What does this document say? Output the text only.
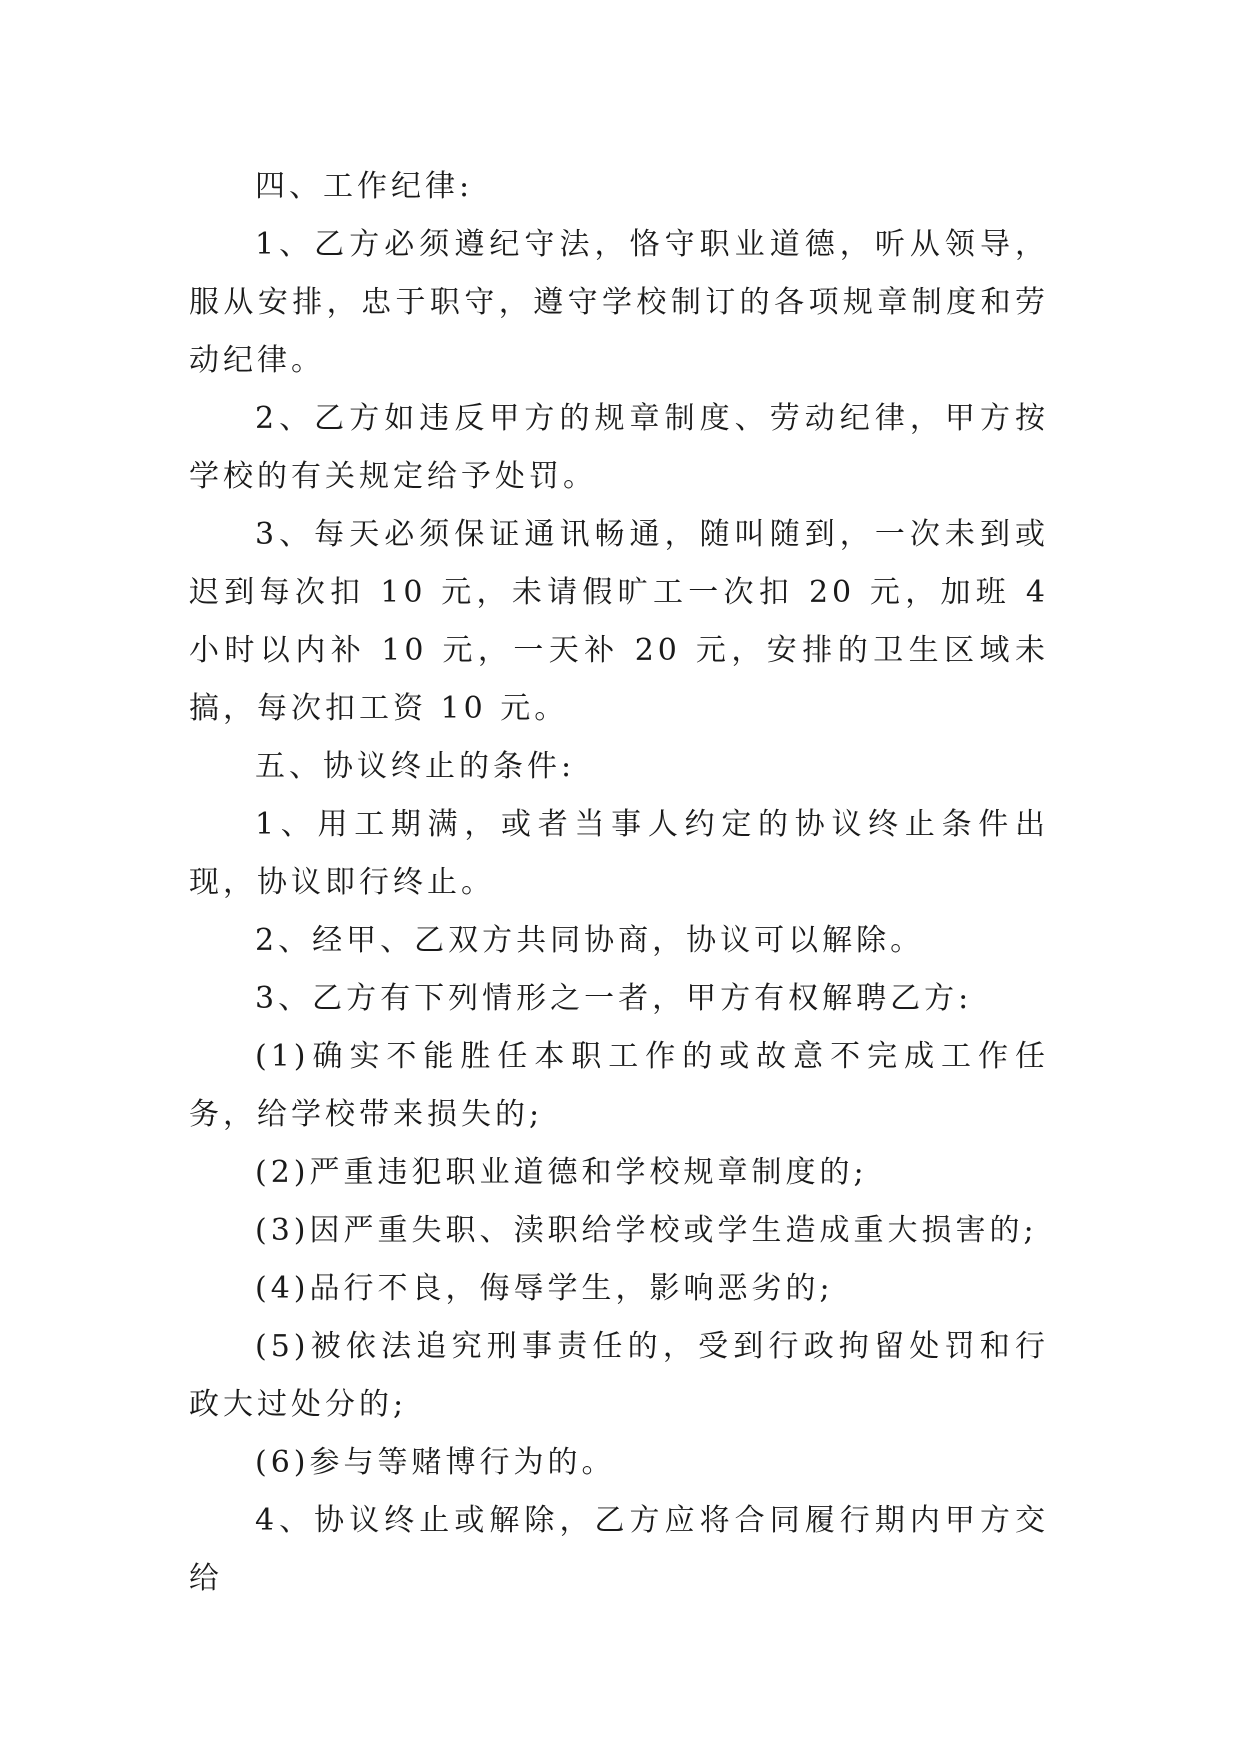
四、工作纪律:

1、乙方必须遵纪守法，恪守职业道德，听从领导，服从安排，忠于职守，遵守学校制订的各项规章制度和劳动纪律。

2、乙方如违反甲方的规章制度、劳动纪律，甲方按学校的有关规定给予处罚。

3、每天必须保证通讯畅通，随叫随到，一次未到或迟到每次扣 10 元，未请假旷工一次扣 20 元，加班 4 小时以内补 10 元，一天补 20 元，安排的卫生区域未搞，每次扣工资 10 元。

五、协议终止的条件:

1、用工期满，或者当事人约定的协议终止条件出现，协议即行终止。

2、经甲、乙双方共同协商，协议可以解除。

3、乙方有下列情形之一者，甲方有权解聘乙方:

(1)确实不能胜任本职工作的或故意不完成工作任务，给学校带来损失的;

(2)严重违犯职业道德和学校规章制度的;

(3)因严重失职、渎职给学校或学生造成重大损害的;

(4)品行不良，侮辱学生，影响恶劣的;

(5)被依法追究刑事责任的，受到行政拘留处罚和行政大过处分的;

(6)参与等赌博行为的。

4、协议终止或解除，乙方应将合同履行期内甲方交给
